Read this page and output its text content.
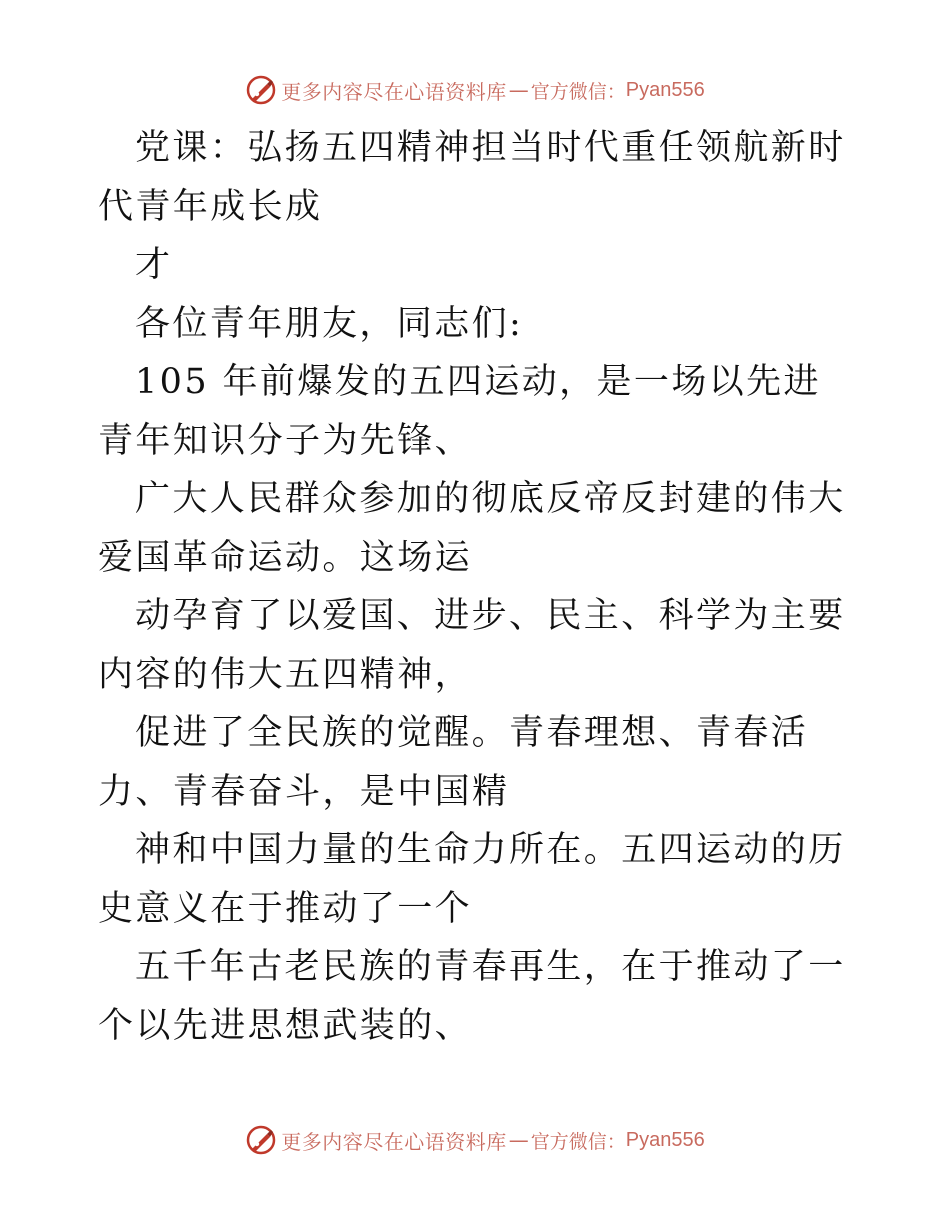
更多内容尽在心语资料库 — 官方微信： Pyan556

党课：弘扬五四精神担当时代重任领航新时代青年成长成

才

各位青年朋友，同志们:

105 年前爆发的五四运动，是一场以先进青年知识分子为先锋、

广大人民群众参加的彻底反帝反封建的伟大爱国革命运动。这场运

动孕育了以爱国、进步、民主、科学为主要内容的伟大五四精神，

促进了全民族的觉醒。青春理想、青春活力、青春奋斗，是中国精

神和中国力量的生命力所在。五四运动的历史意义在于推动了一个

五千年古老民族的青春再生，在于推动了一个以先进思想武装的、

更多内容尽在心语资料库 — 官方微信： Pyan556
